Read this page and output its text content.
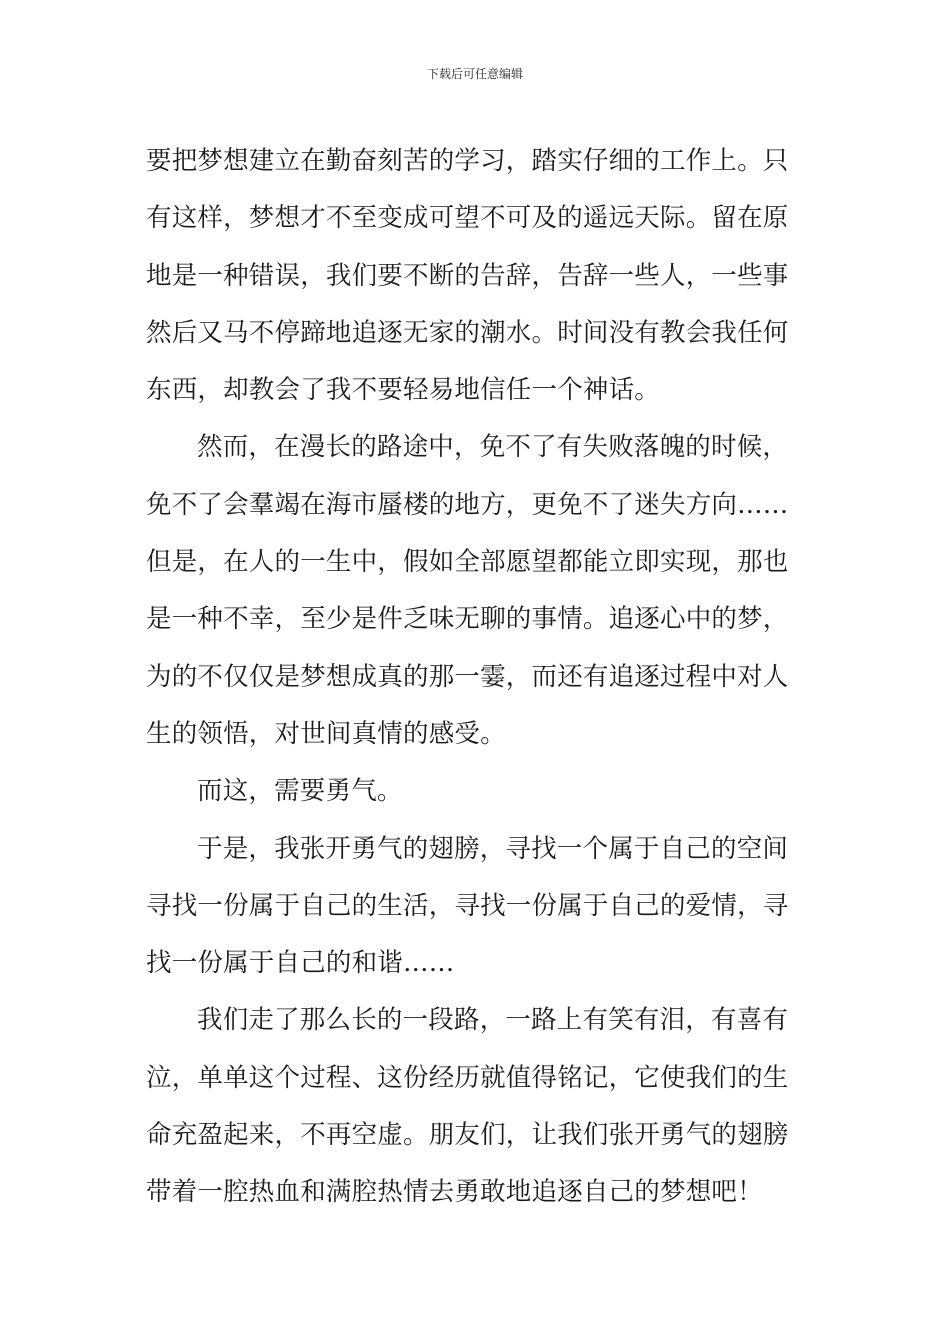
下载后可任意编辑
要把梦想建立在勤奋刻苦的学习，踏实仔细的工作上。只
有这样，梦想才不至变成可望不可及的遥远天际。留在原
地是一种错误，我们要不断的告辞，告辞一些人，一些事
然后又马不停蹄地追逐无家的潮水。时间没有教会我任何
东西，却教会了我不要轻易地信任一个神话。
然而，在漫长的路途中，免不了有失败落魄的时候，
免不了会羣竭在海市蜃楼的地方，更免不了迷失方向……
但是，在人的一生中，假如全部愿望都能立即实现，那也
是一种不幸，至少是件乏味无聊的事情。追逐心中的梦，
为的不仅仅是梦想成真的那一霎，而还有追逐过程中对人
生的领悟，对世间真情的感受。
而这，需要勇气。
于是，我张开勇气的翅膀，寻找一个属于自己的空间
寻找一份属于自己的生活，寻找一份属于自己的爱情，寻
找一份属于自己的和谐……
我们走了那么长的一段路，一路上有笑有泪，有喜有
泣，单单这个过程、这份经历就值得铭记，它使我们的生
命充盈起来，不再空虚。朋友们，让我们张开勇气的翅膀
带着一腔热血和满腔热情去勇敢地追逐自己的梦想吧！
